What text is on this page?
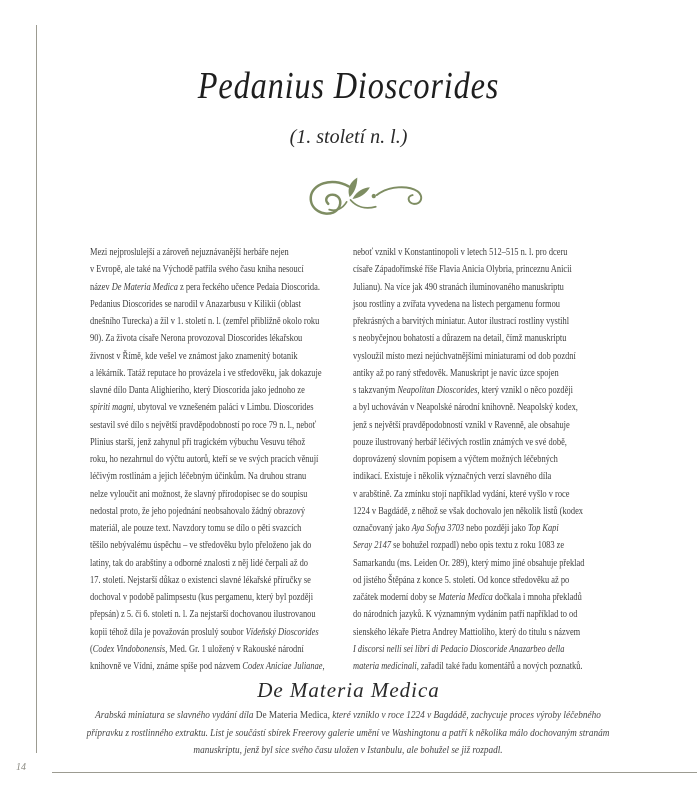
Pedanius Dioscorides
(1. století n. l.)
Mezi nejproslulejší a zároveň nejuznávanější herbáře nejen
v Evropě, ale také na Východě patřila svého času kniha nesoucí
název De Materia Medica z pera řeckého učence Pedaia Dioscorida.
Pedanius Dioscorides se narodil v Anazarbusu v Kilikii (oblast
dnešního Turecka) a žil v 1. století n. l. (zemřel přibližně okolo roku
90). Za života císaře Nerona provozoval Dioscorides lékařskou
živnost v Římě, kde vešel ve známost jako znamenitý botanik
a lékárník. Tatáž reputace ho provázela i ve středověku, jak dokazuje
slavné dílo Danta Alighieriho, který Dioscorida jako jednoho ze
spiriti magni, ubytoval ve vznešeném paláci v Limbu. Dioscorides
sestavil své dílo s největší pravděpodobností po roce 79 n. l., neboť
Plinius starší, jenž zahynul při tragickém výbuchu Vesuvu téhož
roku, ho nezahrnul do výčtu autorů, kteří se ve svých pracích věnují
léčivým rostlinám a jejich léčebným účinkům. Na druhou stranu
nelze vyloučit ani možnost, že slavný přírodopisec se do soupisu
nedostal proto, že jeho pojednání neobsahovalo žádný obrazový
materiál, ale pouze text. Navzdory tomu se dílo o pěti svazcích
těšilo nebývalému úspěchu – ve středověku bylo přeloženo jak do
latiny, tak do arabštiny a odborné znalosti z něj lidé čerpali až do
17. století. Nejstarší důkaz o existenci slavné lékařské příručky se
dochoval v podobě palimpsestu (kus pergamenu, který byl později
přepsán) z 5. či 6. století n. l. Za nejstarší dochovanou ilustrovanou
kopii téhož díla je považován proslulý soubor Vídeňský Dioscorides
(Codex Vindobonensis, Med. Gr. 1 uložený v Rakouské národní
knihovně ve Vídni, známe spíše pod názvem Codex Aniciae Julianae,
neboť vznikl v Konstantinopoli v letech 512–515 n. l. pro dceru
císaře Západořímské říše Flavia Anicia Olybria, princeznu Anicii
Julianu). Na více jak 490 stranách iluminovaného manuskriptu
jsou rostliny a zvířata vyvedena na listech pergamenu formou
překrásných a barvitých miniatur. Autor ilustrací rostliny vystihl
s neobyčejnou bohatostí a důrazem na detail, čímž manuskriptu
vysloužil místo mezi nejúchvatnějšími miniaturami od dob pozdní
antiky až po raný středověk. Manuskript je navíc úzce spojen
s takzvaným Neapolitan Dioscorides, který vznikl o něco později
a byl uchováván v Neapolské národní knihovně. Neapolský kodex,
jenž s největší pravděpodobností vznikl v Ravenně, ale obsahuje
pouze ilustrovaný herbář léčivých rostlin známých ve své době,
doprovázený slovním popisem a výčtem možných léčebných
indikací. Existuje i několik význačných verzí slavného díla
v arabštině. Za zmínku stojí například vydání, které vyšlo v roce
1224 v Bagdádě, z něhož se však dochovalo jen několik listů (kodex
označovaný jako Aya Sofya 3703 nebo později jako Top Kapi
Seray 2147 se bohužel rozpadl) nebo opis textu z roku 1083 ze
Samarkandu (ms. Leiden Or. 289), který mimo jiné obsahuje překlad
od jistého Štěpána z konce 5. století. Od konce středověku až po
začátek moderní doby se Materia Medica dočkala i mnoha překladů
do národních jazyků. K významným vydáním patří například to od
sienského lékaře Pietra Andrey Mattioliho, který do titulu s názvem
I discorsi nelli sei libri di Pedacio Dioscoride Anazarbeo della
materia medicinali, zařadil také řadu komentářů a nových poznatků.
De Materia Medica
Arabská miniatura se slavného vydání díla De Materia Medica, které vzniklo v roce 1224 v Bagdádě, zachycuje proces výroby léčebného
přípravku z rostlinného extraktu. List je součástí sbírek Freerovy galerie umění ve Washingtonu a patří k několika málo dochovaným stranám
manuskriptu, jenž byl sice svého času uložen v Istanbulu, ale bohužel se již rozpadl.
14
